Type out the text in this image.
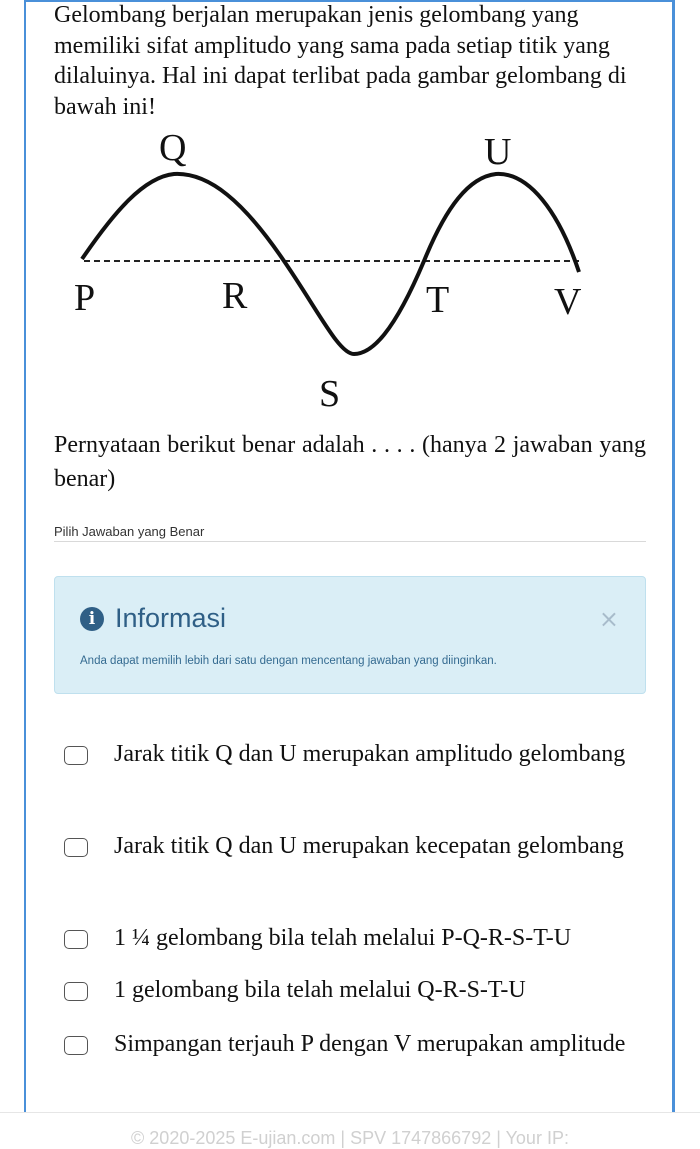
Gelombang berjalan merupakan jenis gelombang yang memiliki sifat amplitudo yang sama pada setiap titik yang dilaluinya. Hal ini dapat terlibat pada gambar gelombang di bawah ini!
Q	U
P	R	T	V
S
Pernyataan berikut benar adalah . . . . (hanya 2 jawaban yang benar)
Pilih Jawaban yang Benar
i Informasi	×
Anda dapat memilih lebih dari satu dengan mencentang jawaban yang diinginkan.
Jarak titik Q dan U merupakan amplitudo gelombang
Jarak titik Q dan U merupakan kecepatan gelombang
1 ¼ gelombang bila telah melalui P-Q-R-S-T-U
1 gelombang bila telah melalui Q-R-S-T-U
Simpangan terjauh P dengan V merupakan amplitude
© 2020-2025 E-ujian.com | SPV 1747866792 | Your IP:
